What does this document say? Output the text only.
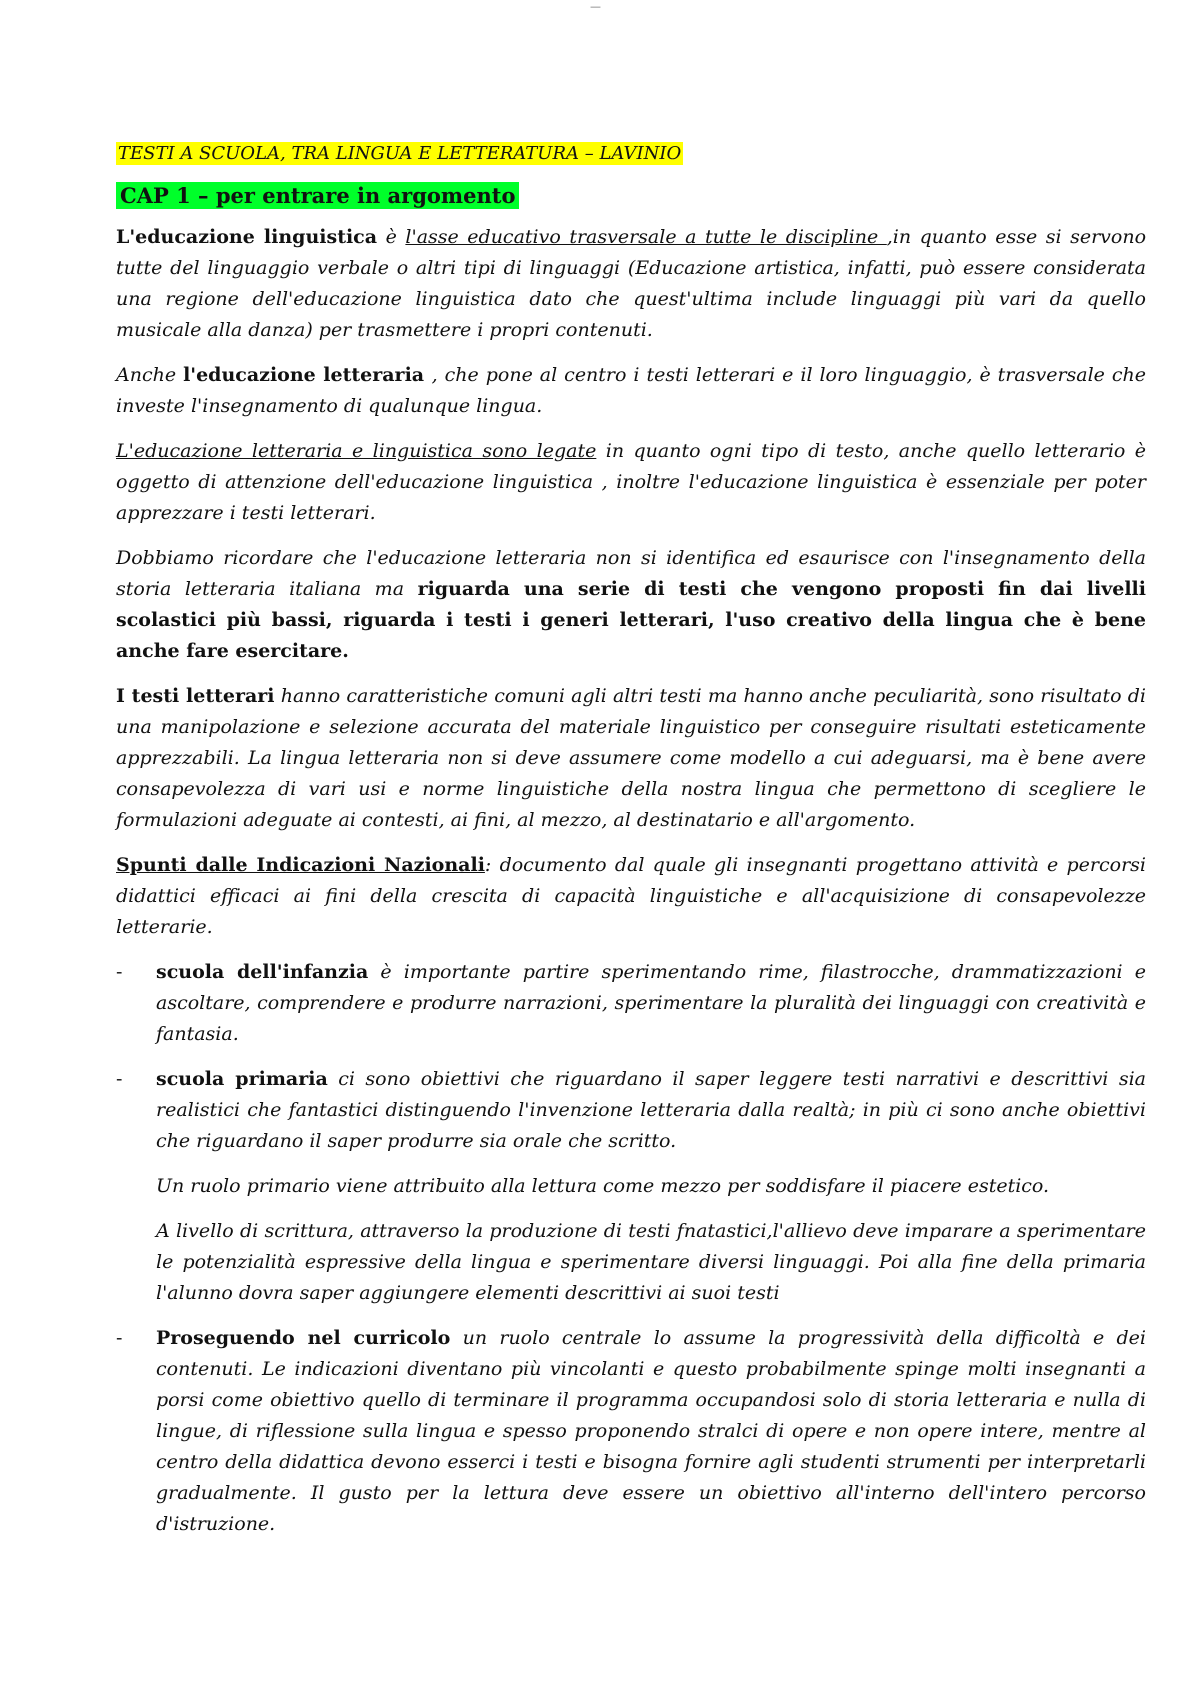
—

TESTI A SCUOLA, TRA LINGUA E LETTERATURA – LAVINIO

CAP 1 – per entrare in argomento

L'educazione linguistica è l'asse educativo trasversale a tutte le discipline ,in quanto esse si servono tutte del linguaggio verbale o altri tipi di linguaggi (Educazione artistica, infatti, può essere considerata una regione dell'educazione linguistica dato che quest'ultima include linguaggi più vari da quello musicale alla danza) per trasmettere i propri contenuti.

Anche l'educazione letteraria , che pone al centro i testi letterari e il loro linguaggio, è trasversale che investe l'insegnamento di qualunque lingua.

L'educazione letteraria e linguistica sono legate in quanto ogni tipo di testo, anche quello letterario è oggetto di attenzione dell'educazione linguistica , inoltre l'educazione linguistica è essenziale per poter apprezzare i testi letterari.

Dobbiamo ricordare che l'educazione letteraria non si identifica ed esaurisce con l'insegnamento della storia letteraria italiana ma riguarda una serie di testi che vengono proposti fin dai livelli scolastici più bassi, riguarda i testi i generi letterari, l'uso creativo della lingua che è bene anche fare esercitare.

I testi letterari hanno caratteristiche comuni agli altri testi ma hanno anche peculiarità, sono risultato di una manipolazione e selezione accurata del materiale linguistico per conseguire risultati esteticamente apprezzabili. La lingua letteraria non si deve assumere come modello a cui adeguarsi, ma è bene avere consapevolezza di vari usi e norme linguistiche della nostra lingua che permettono di scegliere le formulazioni adeguate ai contesti, ai fini, al mezzo, al destinatario e all'argomento.

Spunti dalle Indicazioni Nazionali: documento dal quale gli insegnanti progettano attività e percorsi didattici efficaci ai fini della crescita di capacità linguistiche e all'acquisizione di consapevolezze letterarie.

- scuola dell'infanzia è importante partire sperimentando rime, filastrocche, drammatizzazioni e ascoltare, comprendere e produrre narrazioni, sperimentare la pluralità dei linguaggi con creatività e fantasia.

- scuola primaria ci sono obiettivi che riguardano il saper leggere testi narrativi e descrittivi sia realistici che fantastici distinguendo l'invenzione letteraria dalla realtà; in più ci sono anche obiettivi che riguardano il saper produrre sia orale che scritto.

Un ruolo primario viene attribuito alla lettura come mezzo per soddisfare il piacere estetico.

A livello di scrittura, attraverso la produzione di testi fnatastici,l'allievo deve imparare a sperimentare le potenzialità espressive della lingua e sperimentare diversi linguaggi. Poi alla fine della primaria l'alunno dovra saper aggiungere elementi descrittivi ai suoi testi

- Proseguendo nel curricolo un ruolo centrale lo assume la progressività della difficoltà e dei contenuti. Le indicazioni diventano più vincolanti e questo probabilmente spinge molti insegnanti a porsi come obiettivo quello di terminare il programma occupandosi solo di storia letteraria e nulla di lingue, di riflessione sulla lingua e spesso proponendo stralci di opere e non opere intere, mentre al centro della didattica devono esserci i testi e bisogna fornire agli studenti strumenti per interpretarli gradualmente. Il gusto per la lettura deve essere un obiettivo all'interno dell'intero percorso d'istruzione.
